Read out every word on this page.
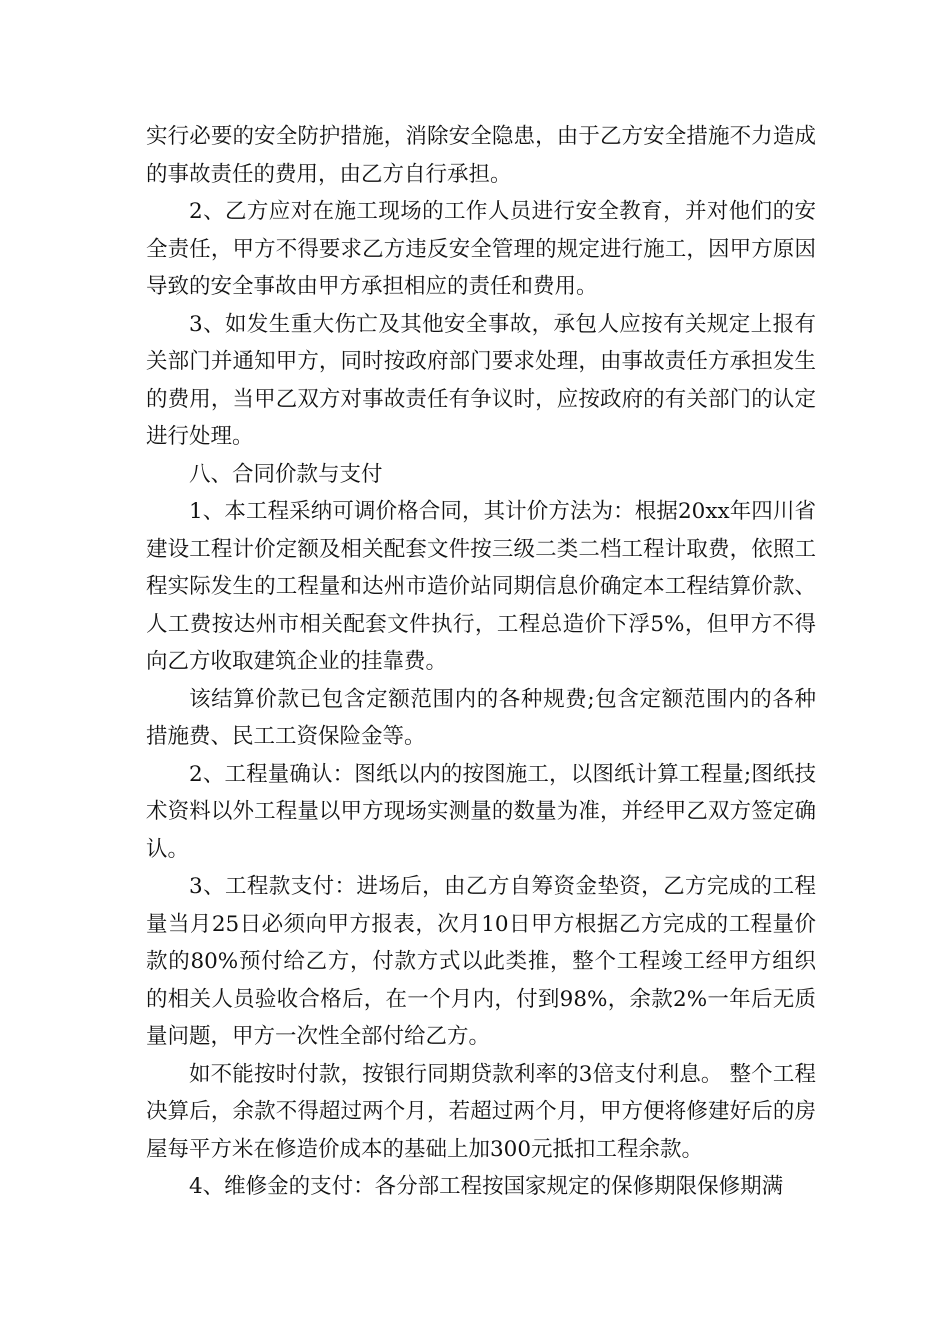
实行必要的安全防护措施，消除安全隐患，由于乙方安全措施不力造成的事故责任的费用，由乙方自行承担。

2、乙方应对在施工现场的工作人员进行安全教育，并对他们的安全责任，甲方不得要求乙方违反安全管理的规定进行施工，因甲方原因导致的安全事故由甲方承担相应的责任和费用。

3、如发生重大伤亡及其他安全事故，承包人应按有关规定上报有关部门并通知甲方，同时按政府部门要求处理，由事故责任方承担发生的费用，当甲乙双方对事故责任有争议时，应按政府的有关部门的认定进行处理。

八、合同价款与支付

1、本工程采纳可调价格合同，其计价方法为：根据20xx年四川省建设工程计价定额及相关配套文件按三级二类二档工程计取费，依照工程实际发生的工程量和达州市造价站同期信息价确定本工程结算价款、人工费按达州市相关配套文件执行，工程总造价下浮5%，但甲方不得向乙方收取建筑企业的挂靠费。

该结算价款已包含定额范围内的各种规费;包含定额范围内的各种措施费、民工工资保险金等。

2、工程量确认：图纸以内的按图施工，以图纸计算工程量;图纸技术资料以外工程量以甲方现场实测量的数量为准，并经甲乙双方签定确认。

3、工程款支付：进场后，由乙方自筹资金垫资，乙方完成的工程量当月25日必须向甲方报表，次月10日甲方根据乙方完成的工程量价款的80%预付给乙方，付款方式以此类推，整个工程竣工经甲方组织的相关人员验收合格后，在一个月内，付到98%，余款2%一年后无质量问题，甲方一次性全部付给乙方。

如不能按时付款，按银行同期贷款利率的3倍支付利息。 整个工程决算后，余款不得超过两个月，若超过两个月，甲方便将修建好后的房屋每平方米在修造价成本的基础上加300元抵扣工程余款。

4、维修金的支付：各分部工程按国家规定的保修期限保修期满
